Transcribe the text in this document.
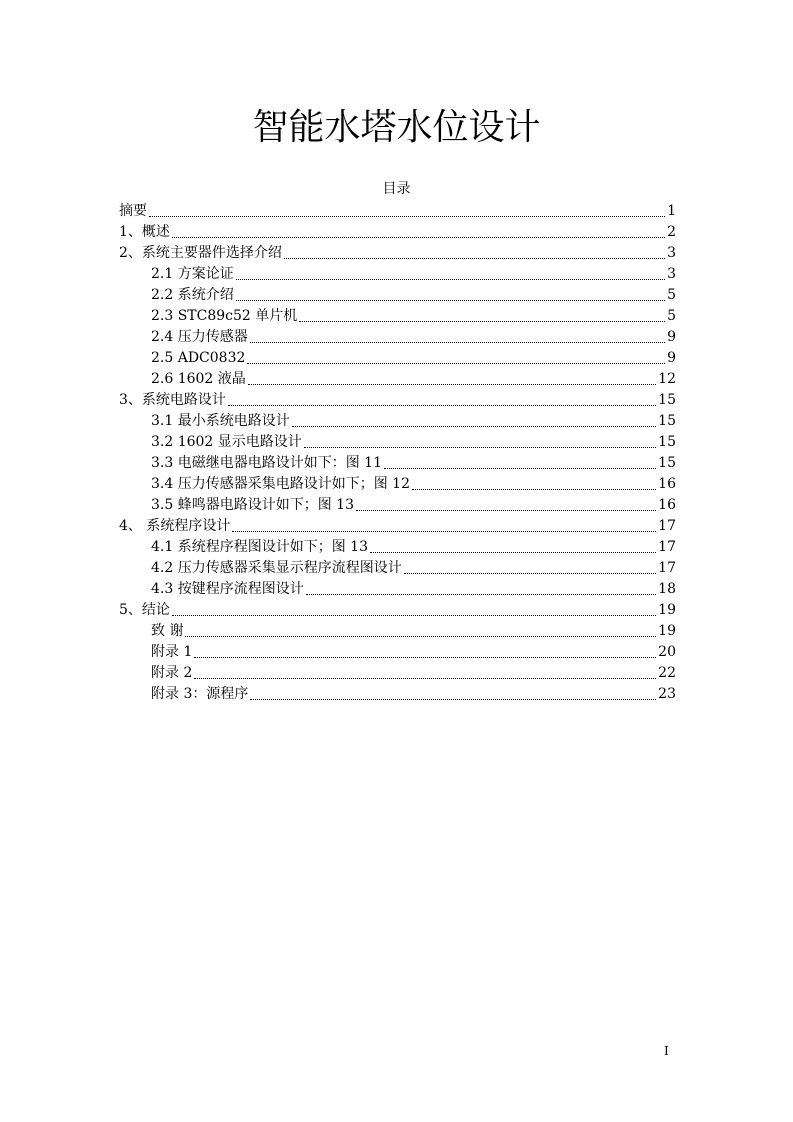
智能水塔水位设计
目录
摘要	1
1、概述	2
2、系统主要器件选择介绍	3
2.1 方案论证	3
2.2 系统介绍	5
2.3 STC89c52 单片机	5
2.4 压力传感器	9
2.5 ADC0832	9
2.6 1602 液晶	12
3、系统电路设计	15
3.1 最小系统电路设计	15
3.2 1602 显示电路设计	15
3.3 电磁继电器电路设计如下：图 11	15
3.4 压力传感器采集电路设计如下；图 12	16
3.5 蜂鸣器电路设计如下；图 13	16
4、 系统程序设计	17
4.1 系统程序程图设计如下；图 13	17
4.2 压力传感器采集显示程序流程图设计	17
4.3 按键程序流程图设计	18
5、结论	19
致 谢	19
附录 1	20
附录 2	22
附录 3：源程序	23
I
